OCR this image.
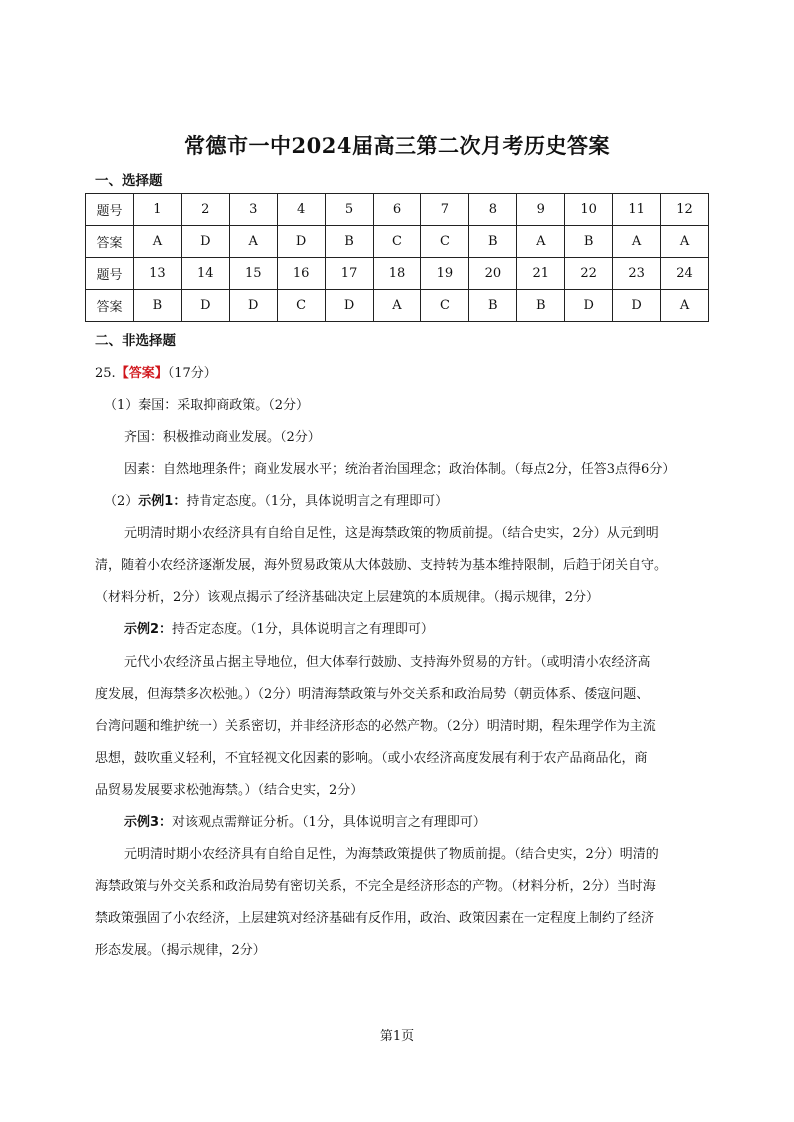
常德市一中2024届高三第二次月考历史答案
一、选择题
题号	1	2	3	4	5	6	7	8	9	10	11	12
答案	A	D	A	D	B	C	C	B	A	B	A	A
题号	13	14	15	16	17	18	19	20	21	22	23	24
答案	B	D	D	C	D	A	C	B	B	D	D	A
二、非选择题
25.【答案】（17分）
（1）秦国：采取抑商政策。（2分）
齐国：积极推动商业发展。（2分）
因素：自然地理条件；商业发展水平；统治者治国理念；政治体制。（每点2分，任答3点得6分）
（2）示例1：持肯定态度。（1分，具体说明言之有理即可）
元明清时期小农经济具有自给自足性，这是海禁政策的物质前提。（结合史实，2分）从元到明
清，随着小农经济逐渐发展，海外贸易政策从大体鼓励、支持转为基本维持限制，后趋于闭关自守。
（材料分析，2分）该观点揭示了经济基础决定上层建筑的本质规律。（揭示规律，2分）
示例2：持否定态度。（1分，具体说明言之有理即可）
元代小农经济虽占据主导地位，但大体奉行鼓励、支持海外贸易的方针。（或明清小农经济高
度发展，但海禁多次松弛。）（2分）明清海禁政策与外交关系和政治局势（朝贡体系、倭寇问题、
台湾问题和维护统一）关系密切，并非经济形态的必然产物。（2分）明清时期，程朱理学作为主流
思想，鼓吹重义轻利，不宜轻视文化因素的影响。（或小农经济高度发展有利于农产品商品化，商
品贸易发展要求松弛海禁。）（结合史实，2分）
示例3：对该观点需辩证分析。（1分，具体说明言之有理即可）
元明清时期小农经济具有自给自足性，为海禁政策提供了物质前提。（结合史实，2分）明清的
海禁政策与外交关系和政治局势有密切关系，不完全是经济形态的产物。（材料分析，2分）当时海
禁政策强固了小农经济，上层建筑对经济基础有反作用，政治、政策因素在一定程度上制约了经济
形态发展。（揭示规律，2分）
第1页
